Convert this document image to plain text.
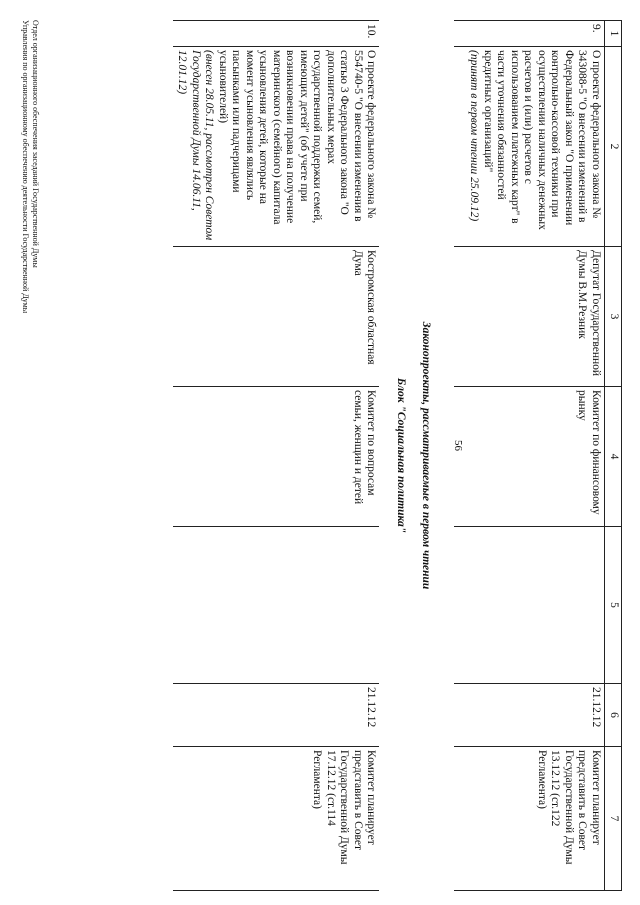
56
1	2	3	4	5	6	7
9.	О проекте федерального закона № 343088-5 "О внесении изменений в Федеральный закон "О применении контрольно-кассовой техники при осуществлении наличных денежных расчетов и (или) расчетов с использованием платежных карт" в части уточнения обязанностей кредитных организаций"
(принят в первом чтении 25.09.12)	Депутат Государственной Думы В.М.Резник	Комитет по финансовому рынку		21.12.12	Комитет планирует представить в Совет Государственной Думы 13.12.12 (ст.122 Регламента)
Законопроекты, рассматриваемые в первом чтении						
Блок "Социальная политика"						
10.	О проекте федерального закона № 554740-5 "О внесении изменения в статью 3 Федерального закона "О дополнительных мерах государственной поддержки семей, имеющих детей" (об учете при возникновении права на получение материнского (семейного) капитала усыновления детей, которые на момент усыновления являлись пасынками или падчерицами усыновителей)
(внесен 28.05.11, рассмотрен Советом Государственной Думы 14.06.11, 12.01.12)	Костромская областная Дума	Комитет по вопросам семьи, женщин и детей		21.12.12	Комитет планирует представить в Совет Государственной Думы 17.12.12 (ст.114 Регламента)
Отдел организационного обеспечения заседаний Государственной Думы
Управления по организационному обеспечению деятельности Государственной Думы
